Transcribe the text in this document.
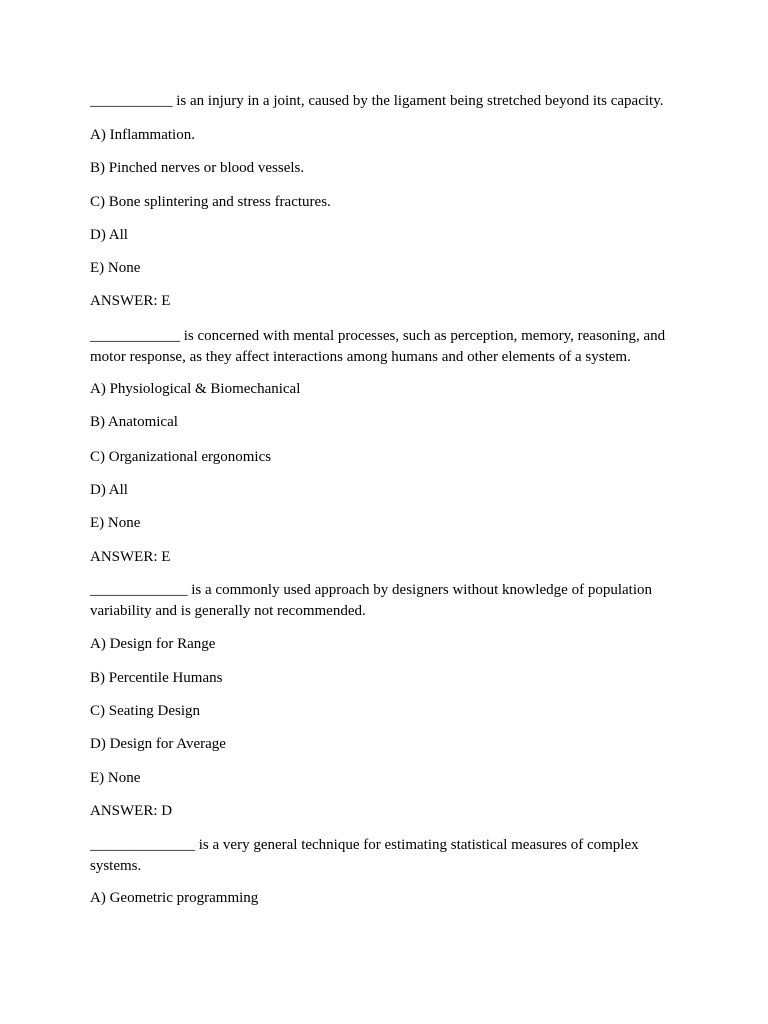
___________ is an injury in a joint, caused by the ligament being stretched beyond its capacity.
A) Inflammation.
B) Pinched nerves or blood vessels.
C) Bone splintering and stress fractures.
D) All
E) None
ANSWER: E
____________ is concerned with mental processes, such as perception, memory, reasoning, and motor response, as they affect interactions among humans and other elements of a system.
A) Physiological & Biomechanical
B) Anatomical
C) Organizational ergonomics
D) All
E) None
ANSWER: E
_____________ is a commonly used approach by designers without knowledge of population variability and is generally not recommended.
A) Design for Range
B) Percentile Humans
C) Seating Design
D) Design for Average
E) None
ANSWER: D
______________ is a very general technique for estimating statistical measures of complex systems.
A) Geometric programming
